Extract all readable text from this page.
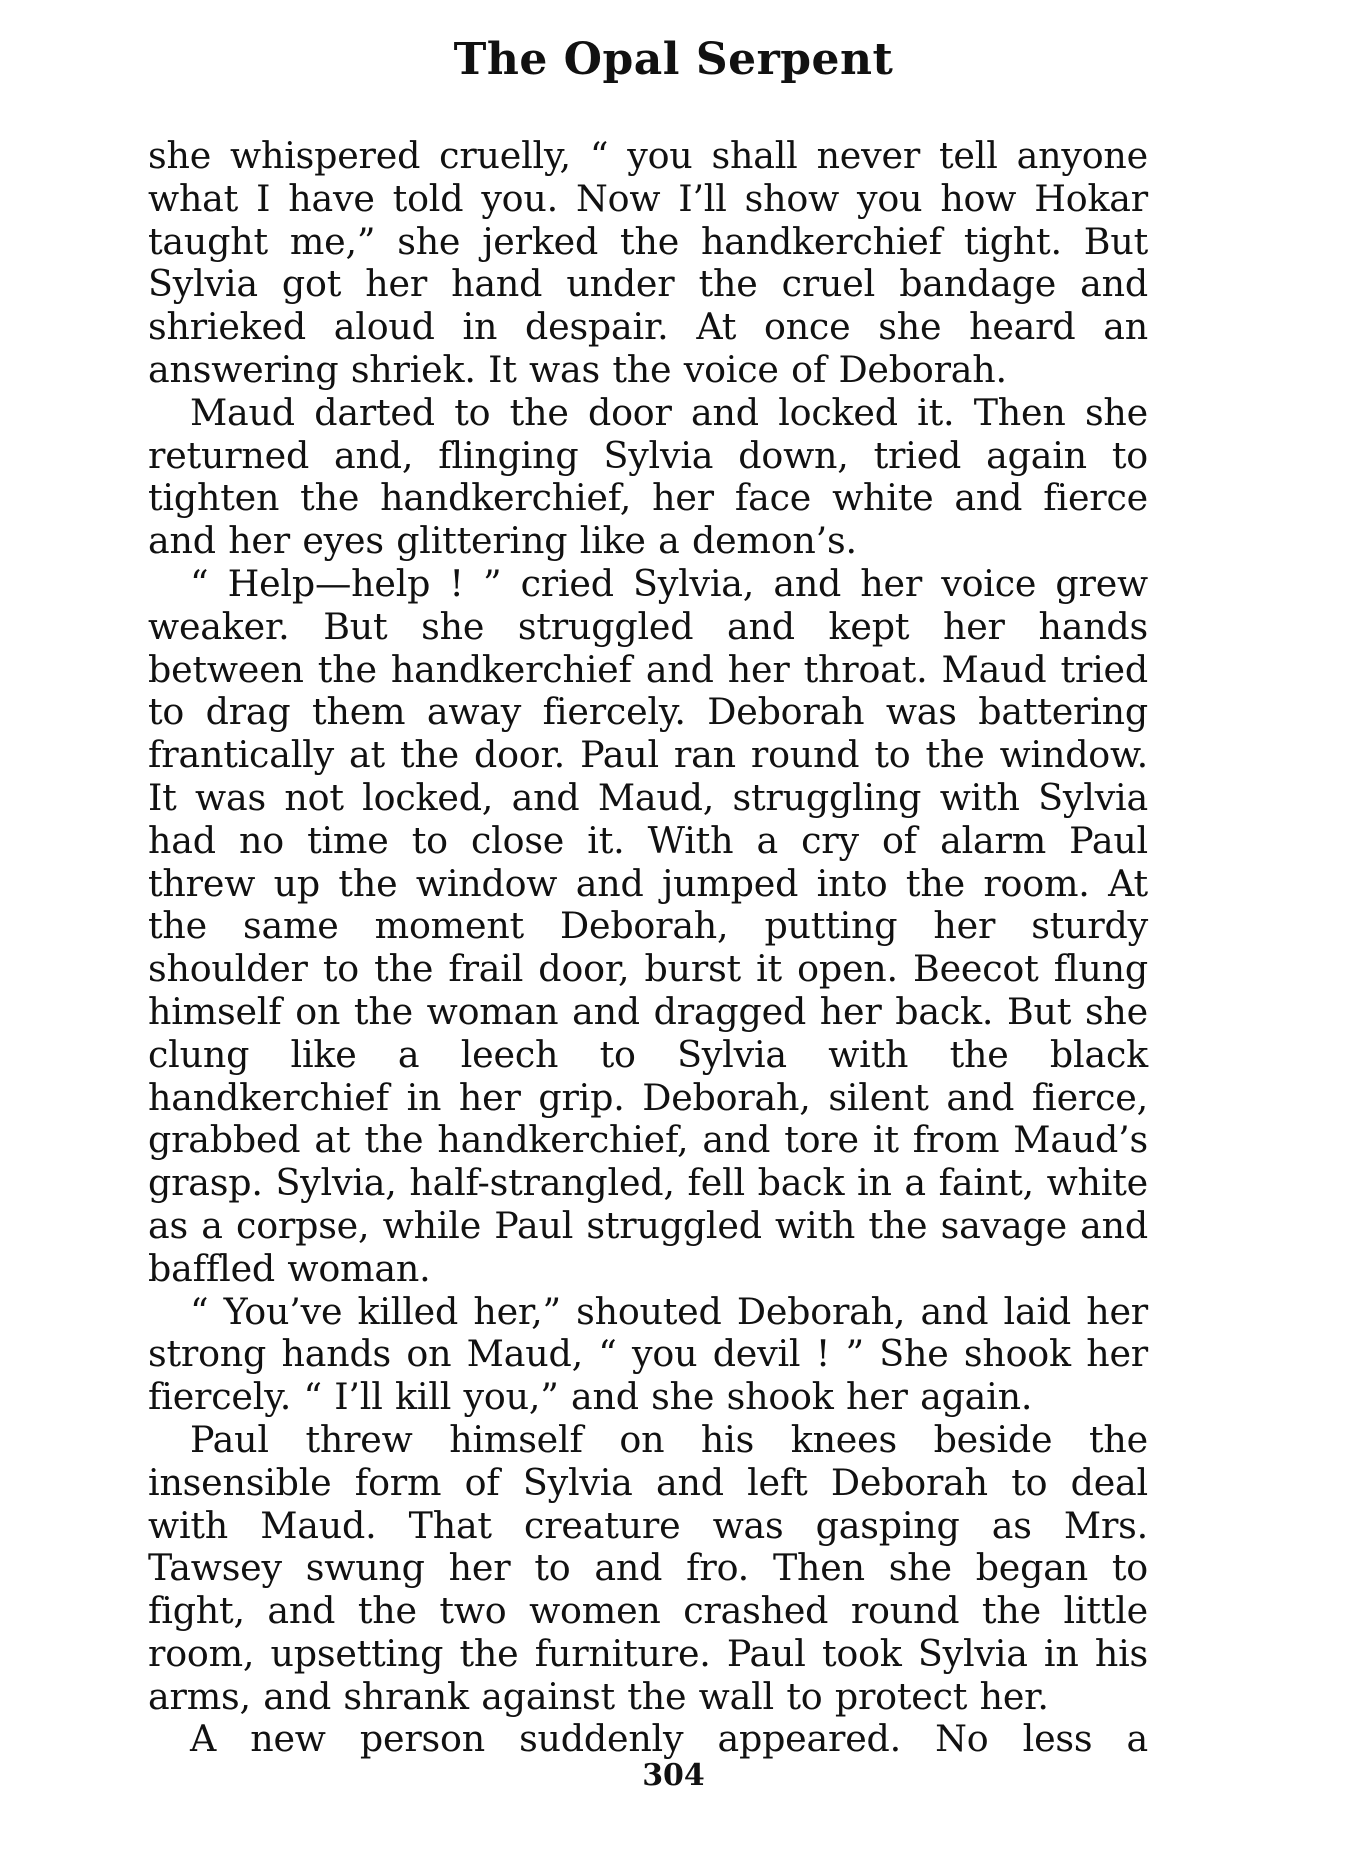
The Opal Serpent

she whispered cruelly, “ you shall never tell anyone what I have told you. Now I’ll show you how Hokar taught me,” she jerked the handkerchief tight. But Sylvia got her hand under the cruel bandage and shrieked aloud in despair. At once she heard an answering shriek. It was the voice of Deborah.

Maud darted to the door and locked it. Then she returned and, flinging Sylvia down, tried again to tighten the handkerchief, her face white and fierce and her eyes glittering like a demon’s.

“ Help—help ! ” cried Sylvia, and her voice grew weaker. But she struggled and kept her hands between the handkerchief and her throat. Maud tried to drag them away fiercely. Deborah was battering frantically at the door. Paul ran round to the window. It was not locked, and Maud, struggling with Sylvia had no time to close it. With a cry of alarm Paul threw up the window and jumped into the room. At the same moment Deborah, putting her sturdy shoulder to the frail door, burst it open. Beecot flung himself on the woman and dragged her back. But she clung like a leech to Sylvia with the black handkerchief in her grip. Deborah, silent and fierce, grabbed at the handkerchief, and tore it from Maud’s grasp. Sylvia, half-strangled, fell back in a faint, white as a corpse, while Paul struggled with the savage and baffled woman.

“ You’ve killed her,” shouted Deborah, and laid her strong hands on Maud, “ you devil ! ” She shook her fiercely. “ I’ll kill you,” and she shook her again.

Paul threw himself on his knees beside the insensible form of Sylvia and left Deborah to deal with Maud. That creature was gasping as Mrs. Tawsey swung her to and fro. Then she began to fight, and the two women crashed round the little room, upsetting the furniture. Paul took Sylvia in his arms, and shrank against the wall to protect her.

A new person suddenly appeared. No less a

304
